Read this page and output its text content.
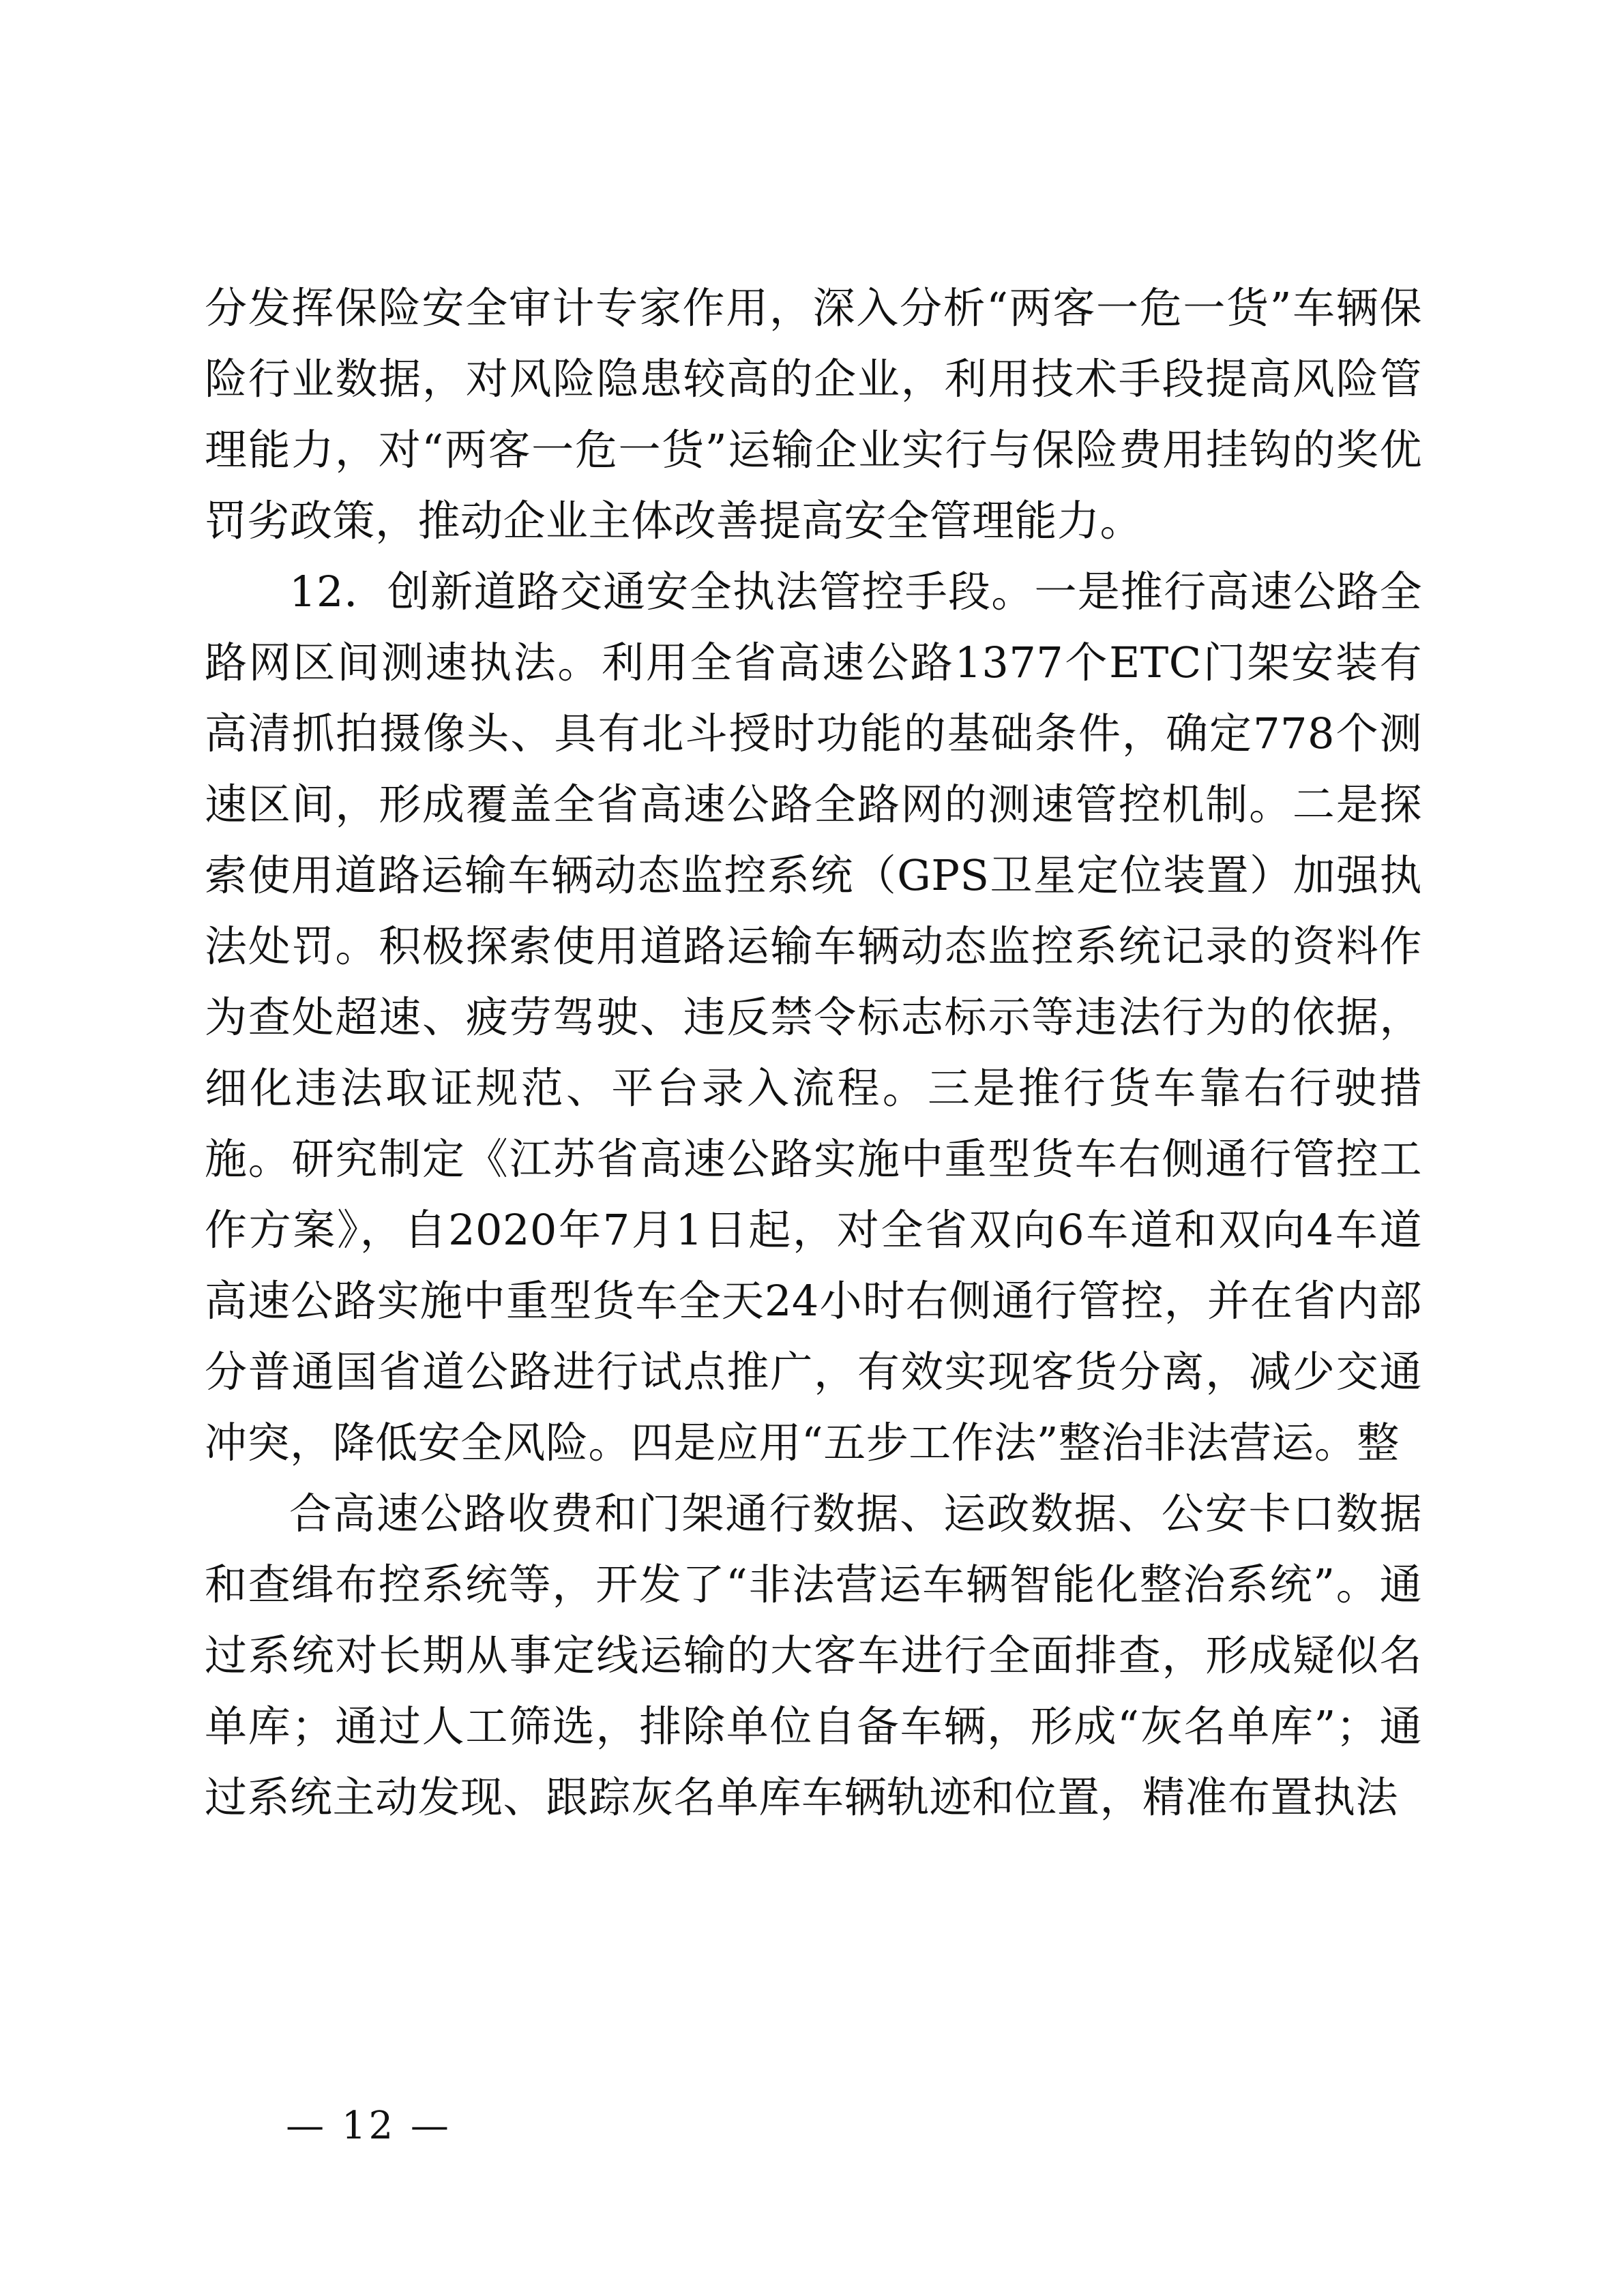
分发挥保险安全审计专家作用，深入分析“两客一危一货”车辆保险行业数据，对风险隐患较高的企业，利用技术手段提高风险管理能力，对“两客一危一货”运输企业实行与保险费用挂钩的奖优罚劣政策，推动企业主体改善提高安全管理能力。

12．创新道路交通安全执法管控手段。一是推行高速公路全路网区间测速执法。利用全省高速公路1377个ETC门架安装有高清抓拍摄像头、具有北斗授时功能的基础条件，确定778个测速区间，形成覆盖全省高速公路全路网的测速管控机制。二是探索使用道路运输车辆动态监控系统（GPS卫星定位装置）加强执法处罚。积极探索使用道路运输车辆动态监控系统记录的资料作为查处超速、疲劳驾驶、违反禁令标志标示等违法行为的依据，细化违法取证规范、平台录入流程。三是推行货车靠右行驶措施。研究制定《江苏省高速公路实施中重型货车右侧通行管控工作方案》，自2020年7月1日起，对全省双向6车道和双向4车道高速公路实施中重型货车全天24小时右侧通行管控，并在省内部分普通国省道公路进行试点推广，有效实现客货分离，减少交通冲突，降低安全风险。四是应用“五步工作法”整治非法营运。整

合高速公路收费和门架通行数据、运政数据、公安卡口数据和查缉布控系统等，开发了“非法营运车辆智能化整治系统”。通过系统对长期从事定线运输的大客车进行全面排查，形成疑似名单库；通过人工筛选，排除单位自备车辆，形成“灰名单库”；通过系统主动发现、跟踪灰名单库车辆轨迹和位置，精准布置执法

— 12 —
